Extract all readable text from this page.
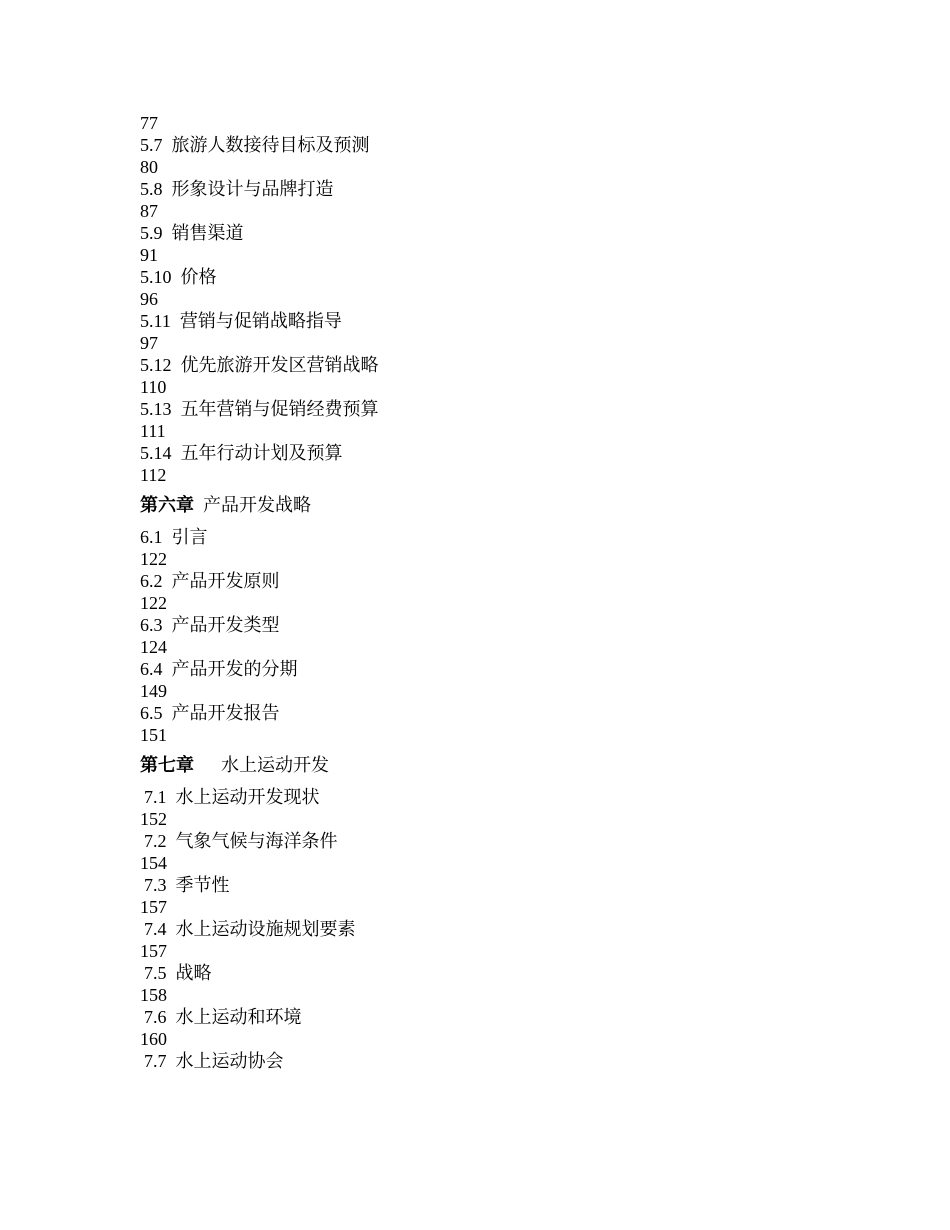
77
5.7 旅游人数接待目标及预测
80
5.8 形象设计与品牌打造
87
5.9 销售渠道
91
5.10 价格
96
5.11 营销与促销战略指导
97
5.12 优先旅游开发区营销战略
110
5.13 五年营销与促销经费预算
111
5.14 五年行动计划及预算
112
第六章 产品开发战略
6.1 引言
122
6.2 产品开发原则
122
6.3 产品开发类型
124
6.4 产品开发的分期
149
6.5 产品开发报告
151
第七章 水上运动开发
7.1 水上运动开发现状
152
7.2 气象气候与海洋条件
154
7.3 季节性
157
7.4 水上运动设施规划要素
157
7.5 战略
158
7.6 水上运动和环境
160
7.7 水上运动协会
